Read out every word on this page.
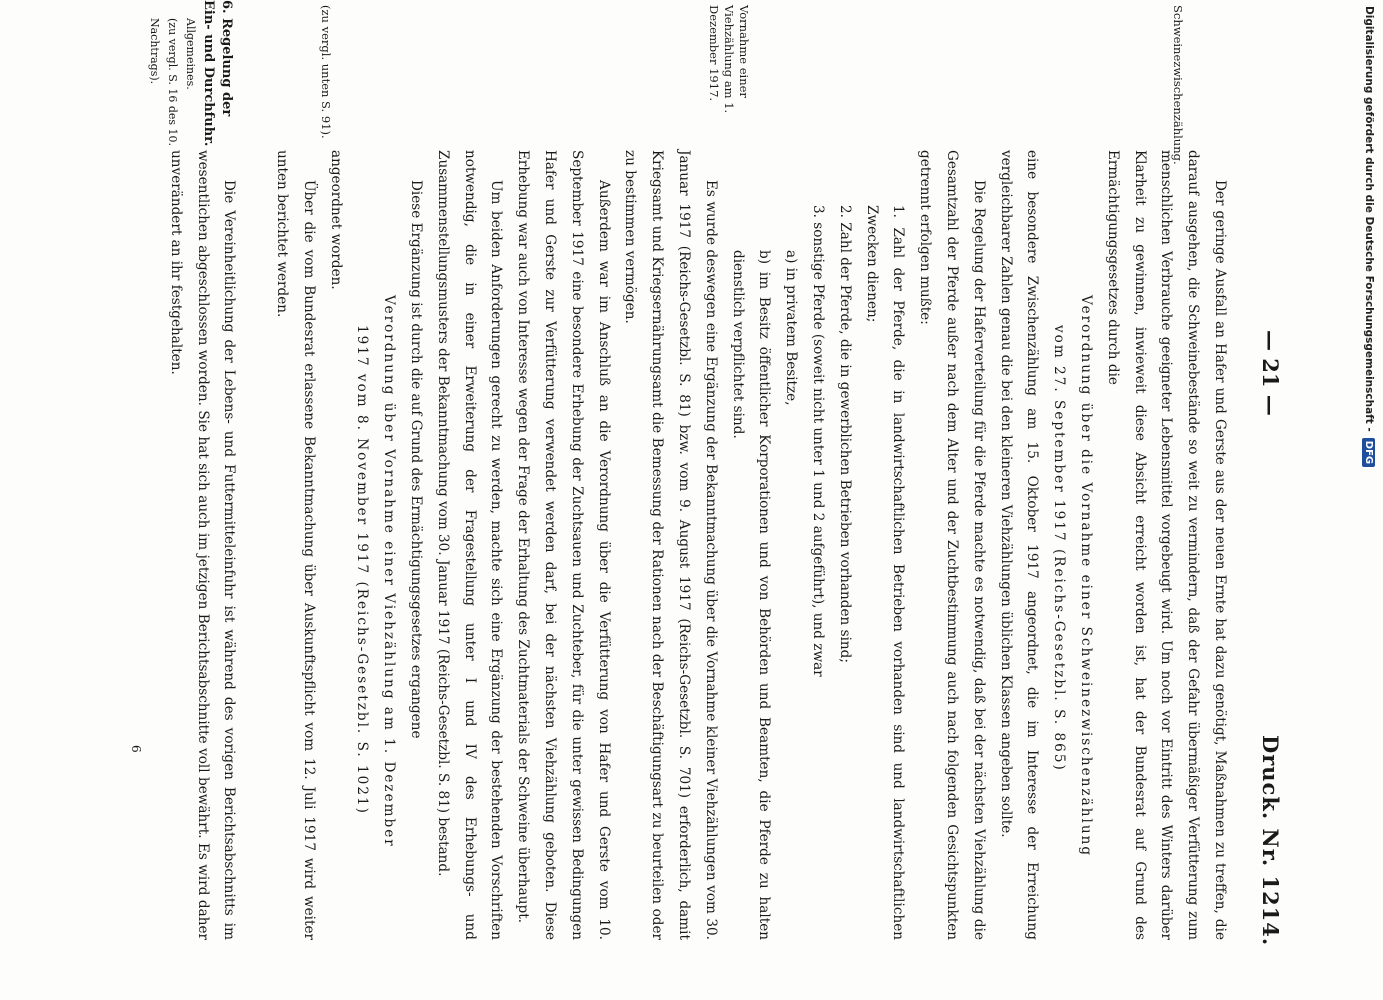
— 21 —
Druck. Nr. 1214.
Schweinezwischenzählung.
Vornahme einer Viehzählung am 1. Dezember 1917.
(zu vergl. unten S. 91).
6. Regelung der Ein- und Durchfuhr.
Allgemeines.
(zu vergl. S. 16 des 10. Nachtrags).

Der geringe Ausfall an Hafer und Gerste aus der neuen Ernte hat dazu genötigt, Maßnahmen zu treffen, die darauf ausgehen, die Schweinebestände so weit zu vermindern, daß der Gefahr übermäßiger Verfütterung zum menschlichen Verbrauche geeigneter Lebensmittel vorgebeugt wird. Um noch vor Eintritt des Winters darüber Klarheit zu gewinnen, inwieweit diese Absicht erreicht worden ist, hat der Bundesrat auf Grund des Ermächtigungsgesetzes durch die

Verordnung über die Vornahme einer Schweinezwischenzählung

vom 27. September 1917 (Reichs-Gesetzbl. S. 865)

eine besondere Zwischenzählung am 15. Oktober 1917 angeordnet, die im Interesse der Erreichung vergleichbarer Zahlen genau die bei den kleineren Viehzählungen üblichen Klassen angeben sollte.

Die Regelung der Haferverteilung für die Pferde machte es notwendig, daß bei der nächsten Viehzählung die Gesamtzahl der Pferde außer nach dem Alter und der Zuchtbestimmung auch nach folgenden Gesichtspunkten getrennt erfolgen mußte:

1. Zahl der Pferde, die in landwirtschaftlichen Betrieben vorhanden sind und landwirtschaftlichen Zwecken dienen;

2. Zahl der Pferde, die in gewerblichen Betrieben vorhanden sind;

3. sonstige Pferde (soweit nicht unter 1 und 2 aufgeführt), und zwar

a) in privatem Besitze,

b) im Besitz öffentlicher Korporationen und von Behörden und Beamten, die Pferde zu halten dienstlich verpflichtet sind.

Es wurde deswegen eine Ergänzung der Bekanntmachung über die Vornahme kleiner Viehzählungen vom 30. Januar 1917 (Reichs-Gesetzbl. S. 81) bzw. vom 9. August 1917 (Reichs-Gesetzbl. S. 701) erforderlich, damit Kriegsamt und Kriegsernährungsamt die Bemessung der Rationen nach der Beschäftigungsart zu beurteilen oder zu bestimmen vermögen.

Außerdem war im Anschluß an die Verordnung über die Verfütterung von Hafer und Gerste vom 10. September 1917 eine besondere Erhebung der Zuchtsauen und Zuchteber, für die unter gewissen Bedingungen Hafer und Gerste zur Verfütterung verwendet werden darf, bei der nächsten Viehzählung geboten. Diese Erhebung war auch von Interesse wegen der Frage der Erhaltung des Zuchtmaterials der Schweine überhaupt.

Um beiden Anforderungen gerecht zu werden, machte sich eine Ergänzung der bestehenden Vorschriften notwendig, die in einer Erweiterung der Fragestellung unter I und IV des Erhebungs- und Zusammenstellungsmusters der Bekanntmachung vom 30. Januar 1917 (Reichs-Gesetzbl. S. 81) bestand.

Diese Ergänzung ist durch die auf Grund des Ermächtigungsgesetzes ergangene

Verordnung über Vornahme einer Viehzählung am 1. Dezember

1917 vom 8. November 1917 (Reichs-Gesetzbl. S. 1021)

angeordnet worden.

Über die vom Bundesrat erlassene Bekanntmachung über Auskunftspflicht vom 12. Juli 1917 wird weiter unten berichtet werden.

Die Vereinheitlichung der Lebens- und Futtermitteleinfuhr ist während des vorigen Berichtsabschnitts im wesentlichen abgeschlossen worden. Sie hat sich auch im jetzigen Berichtsabschnitte voll bewährt. Es wird daher unverändert an ihr festgehalten.

6
Digitalisierung gefördert durch die Deutsche Forschungsgemeinschaft -
DFG
